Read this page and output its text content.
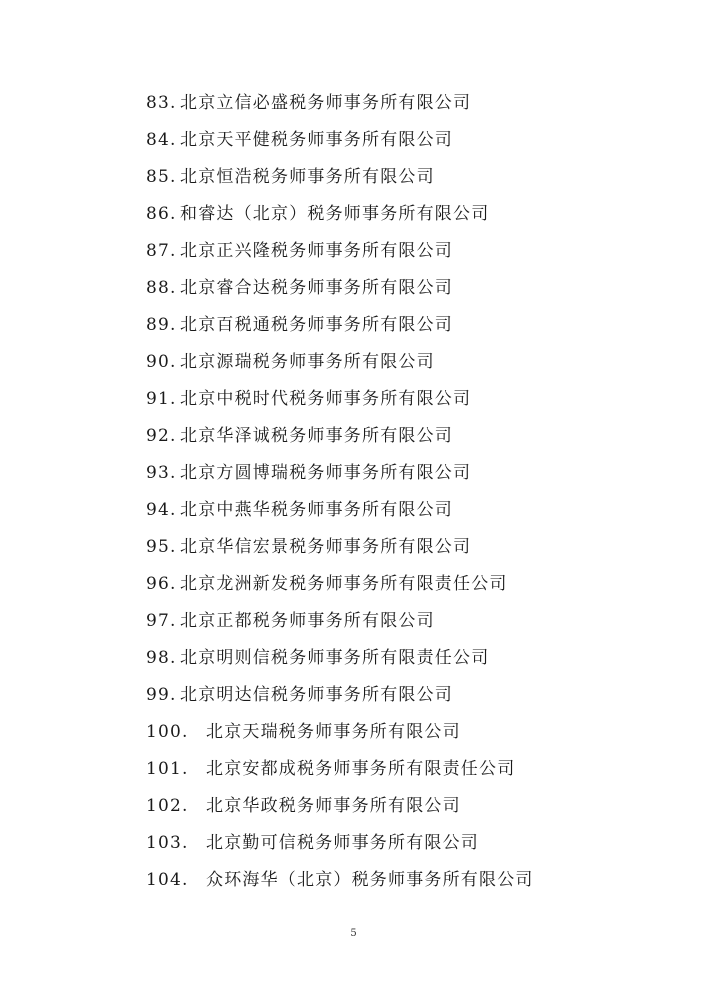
83. 北京立信必盛税务师事务所有限公司
84. 北京天平健税务师事务所有限公司
85. 北京恒浩税务师事务所有限公司
86. 和睿达（北京）税务师事务所有限公司
87. 北京正兴隆税务师事务所有限公司
88. 北京睿合达税务师事务所有限公司
89. 北京百税通税务师事务所有限公司
90. 北京源瑞税务师事务所有限公司
91. 北京中税时代税务师事务所有限公司
92. 北京华泽诚税务师事务所有限公司
93. 北京方圆博瑞税务师事务所有限公司
94. 北京中燕华税务师事务所有限公司
95. 北京华信宏景税务师事务所有限公司
96. 北京龙洲新发税务师事务所有限责任公司
97. 北京正都税务师事务所有限公司
98. 北京明则信税务师事务所有限责任公司
99. 北京明达信税务师事务所有限公司
100.	北京天瑞税务师事务所有限公司
101.	北京安都成税务师事务所有限责任公司
102.	北京华政税务师事务所有限公司
103.	北京勤可信税务师事务所有限公司
104.	众环海华（北京）税务师事务所有限公司
5
